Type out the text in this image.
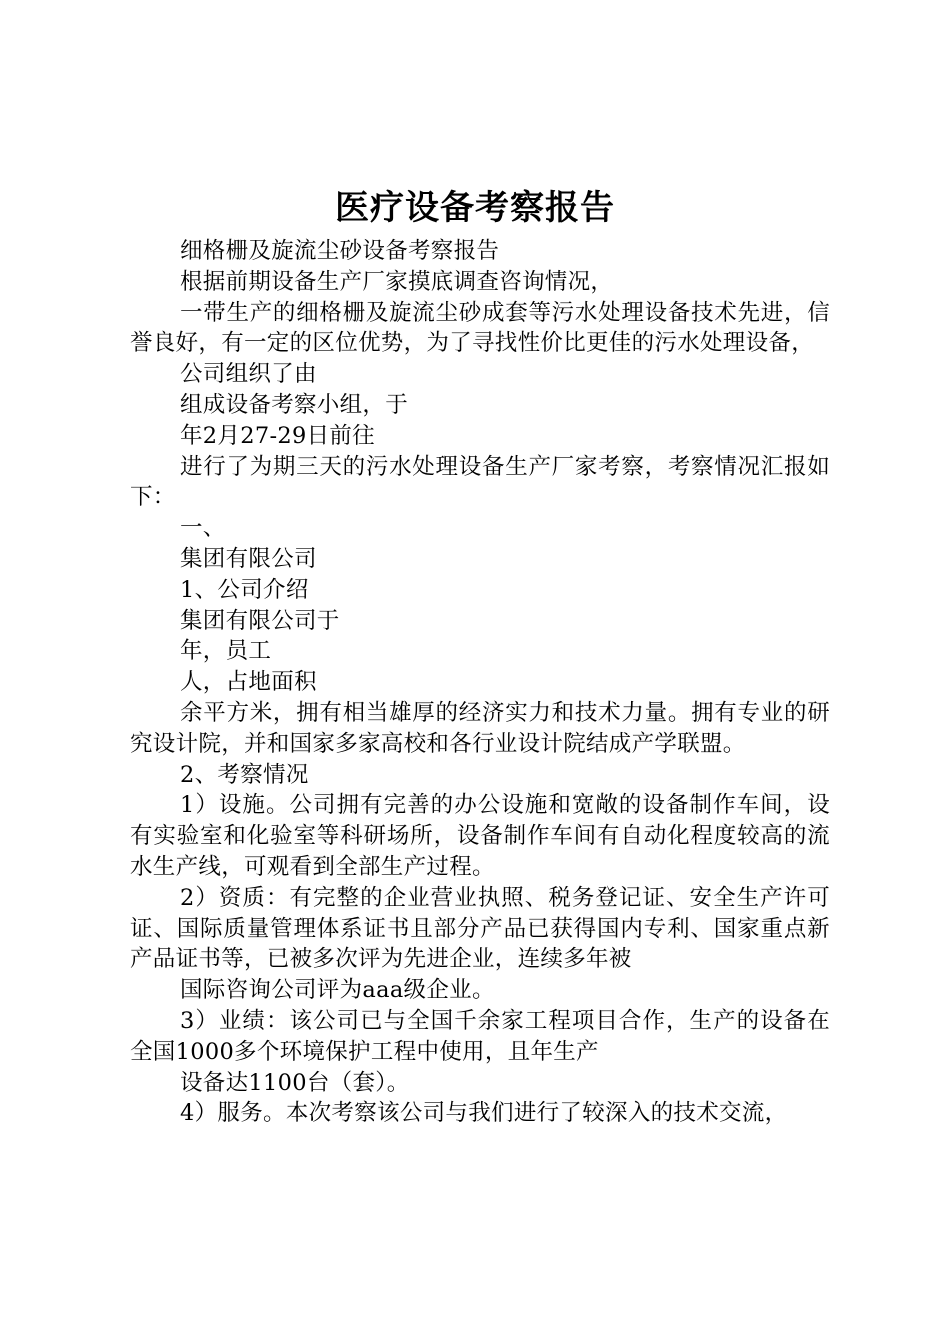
医疗设备考察报告

细格栅及旋流尘砂设备考察报告

根据前期设备生产厂家摸底调查咨询情况，

一带生产的细格栅及旋流尘砂成套等污水处理设备技术先进，信誉良好，有一定的区位优势，为了寻找性价比更佳的污水处理设备，

公司组织了由

组成设备考察小组，于

年2月27-29日前往

进行了为期三天的污水处理设备生产厂家考察，考察情况汇报如下：

一、

集团有限公司

1、公司介绍

集团有限公司于

年，员工

人，占地面积

余平方米，拥有相当雄厚的经济实力和技术力量。拥有专业的研究设计院，并和国家多家高校和各行业设计院结成产学联盟。

2、考察情况

1）设施。公司拥有完善的办公设施和宽敞的设备制作车间，设有实验室和化验室等科研场所，设备制作车间有自动化程度较高的流水生产线，可观看到全部生产过程。

2）资质：有完整的企业营业执照、税务登记证、安全生产许可证、国际质量管理体系证书且部分产品已获得国内专利、国家重点新产品证书等，已被多次评为先进企业，连续多年被

国际咨询公司评为aaa级企业。

3）业绩：该公司已与全国千余家工程项目合作，生产的设备在全国1000多个环境保护工程中使用，且年生产

设备达1100台（套）。

4）服务。本次考察该公司与我们进行了较深入的技术交流，
